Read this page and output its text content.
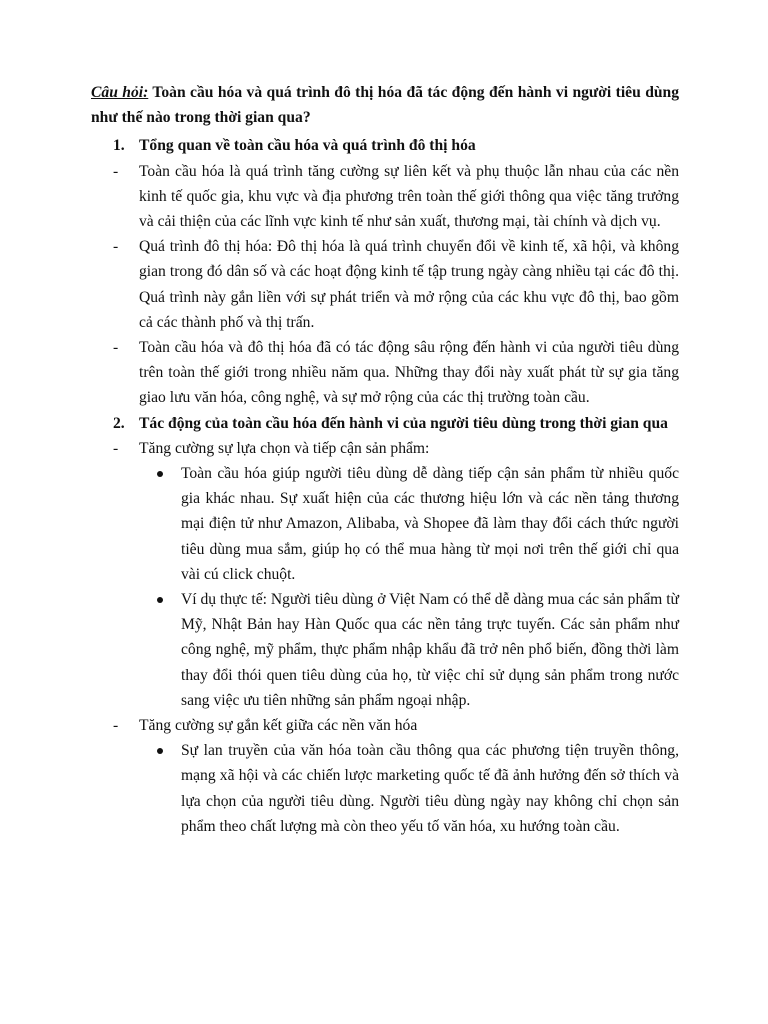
Câu hỏi: Toàn cầu hóa và quá trình đô thị hóa đã tác động đến hành vi người tiêu dùng như thế nào trong thời gian qua?

1. Tổng quan về toàn cầu hóa và quá trình đô thị hóa
- Toàn cầu hóa là quá trình tăng cường sự liên kết và phụ thuộc lẫn nhau của các nền kinh tế quốc gia, khu vực và địa phương trên toàn thế giới thông qua việc tăng trưởng và cải thiện của các lĩnh vực kinh tế như sản xuất, thương mại, tài chính và dịch vụ.
- Quá trình đô thị hóa: Đô thị hóa là quá trình chuyển đổi về kinh tế, xã hội, và không gian trong đó dân số và các hoạt động kinh tế tập trung ngày càng nhiều tại các đô thị. Quá trình này gắn liền với sự phát triển và mở rộng của các khu vực đô thị, bao gồm cả các thành phố và thị trấn.
- Toàn cầu hóa và đô thị hóa đã có tác động sâu rộng đến hành vi của người tiêu dùng trên toàn thế giới trong nhiều năm qua. Những thay đổi này xuất phát từ sự gia tăng giao lưu văn hóa, công nghệ, và sự mở rộng của các thị trường toàn cầu.
2. Tác động của toàn cầu hóa đến hành vi của người tiêu dùng trong thời gian qua
- Tăng cường sự lựa chọn và tiếp cận sản phẩm:
Toàn cầu hóa giúp người tiêu dùng dễ dàng tiếp cận sản phẩm từ nhiều quốc gia khác nhau. Sự xuất hiện của các thương hiệu lớn và các nền tảng thương mại điện tử như Amazon, Alibaba, và Shopee đã làm thay đổi cách thức người tiêu dùng mua sắm, giúp họ có thể mua hàng từ mọi nơi trên thế giới chỉ qua vài cú click chuột.
Ví dụ thực tế: Người tiêu dùng ở Việt Nam có thể dễ dàng mua các sản phẩm từ Mỹ, Nhật Bản hay Hàn Quốc qua các nền tảng trực tuyến. Các sản phẩm như công nghệ, mỹ phẩm, thực phẩm nhập khẩu đã trở nên phổ biến, đồng thời làm thay đổi thói quen tiêu dùng của họ, từ việc chỉ sử dụng sản phẩm trong nước sang việc ưu tiên những sản phẩm ngoại nhập.
- Tăng cường sự gắn kết giữa các nền văn hóa
Sự lan truyền của văn hóa toàn cầu thông qua các phương tiện truyền thông, mạng xã hội và các chiến lược marketing quốc tế đã ảnh hưởng đến sở thích và lựa chọn của người tiêu dùng. Người tiêu dùng ngày nay không chỉ chọn sản phẩm theo chất lượng mà còn theo yếu tố văn hóa, xu hướng toàn cầu.
